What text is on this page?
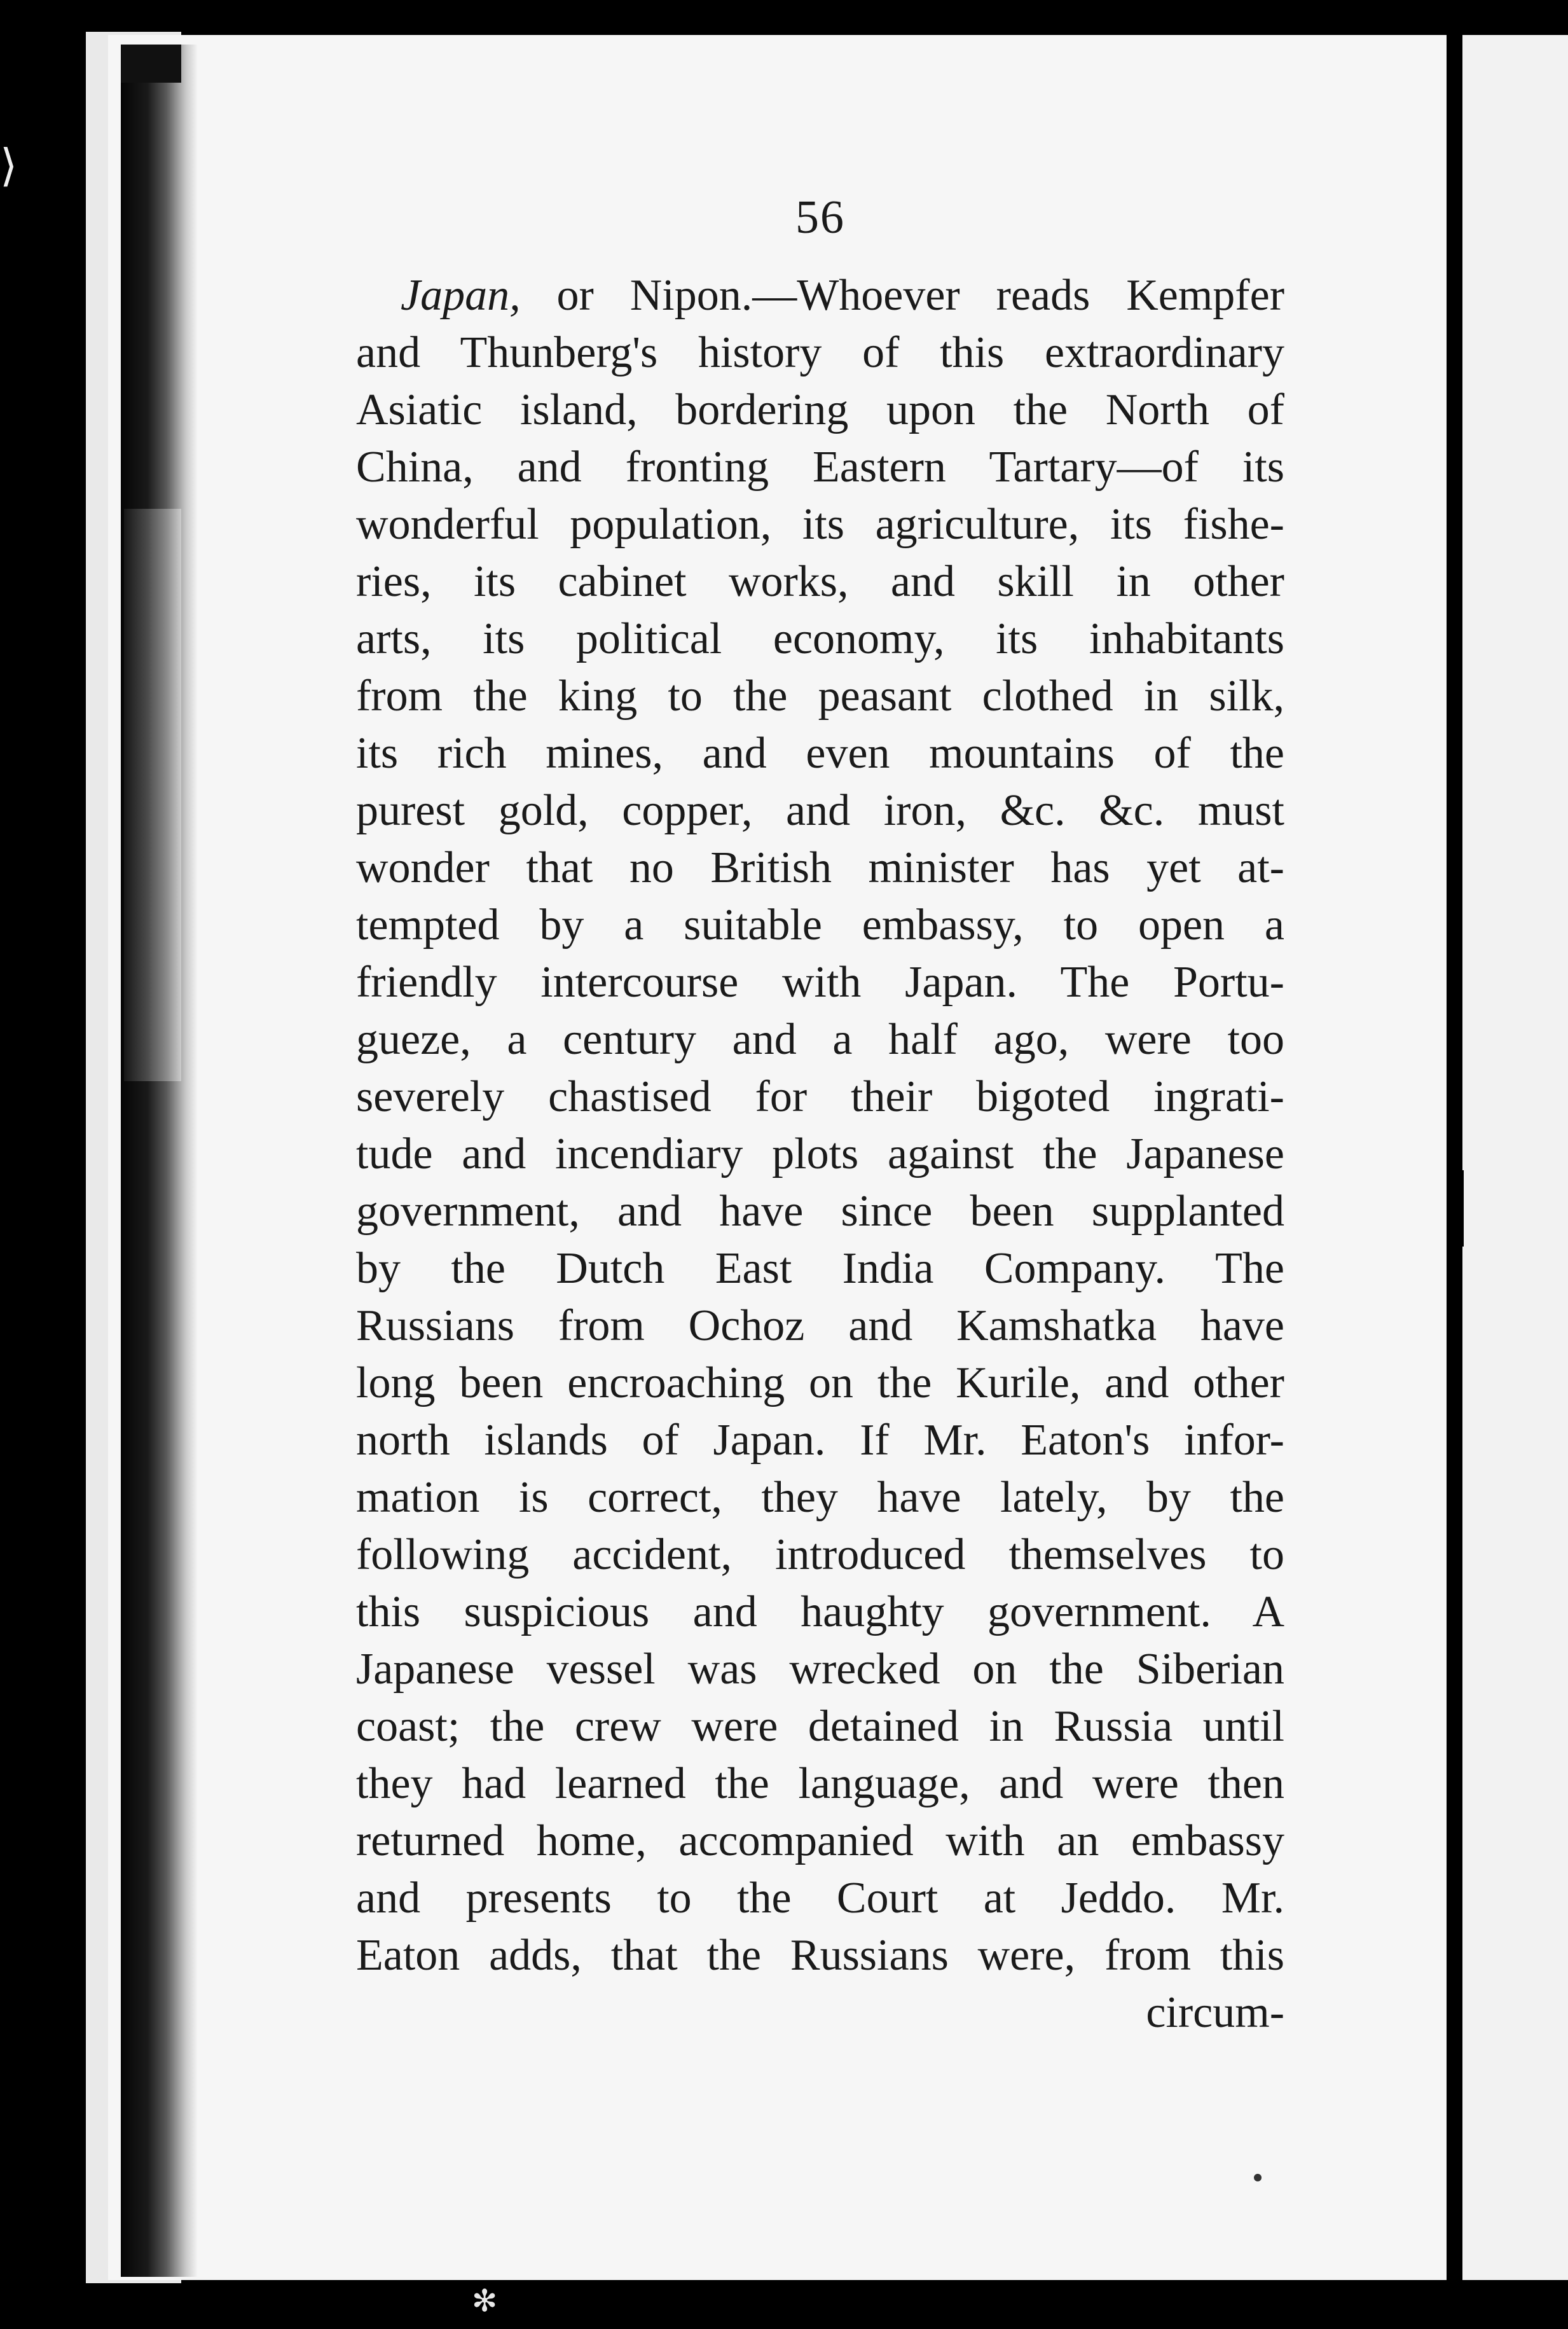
⟩
56
Japan, or Nipon.—Whoever reads Kempfer
and Thunberg's history of this extraordinary
Asiatic island, bordering upon the North of
China, and fronting Eastern Tartary—of its
wonderful population, its agriculture, its fishe-
ries, its cabinet works, and skill in other
arts, its political economy, its inhabitants
from the king to the peasant clothed in silk,
its rich mines, and even mountains of the
purest gold, copper, and iron, &c. &c. must
wonder that no British minister has yet at-
tempted by a suitable embassy, to open a
friendly intercourse with Japan. The Portu-
gueze, a century and a half ago, were too
severely chastised for their bigoted ingrati-
tude and incendiary plots against the Japanese
government, and have since been supplanted
by the Dutch East India Company. The
Russians from Ochoz and Kamshatka have
long been encroaching on the Kurile, and other
north islands of Japan. If Mr. Eaton's infor-
mation is correct, they have lately, by the
following accident, introduced themselves to
this suspicious and haughty government. A
Japanese vessel was wrecked on the Siberian
coast; the crew were detained in Russia until
they had learned the language, and were then
returned home, accompanied with an embassy
and presents to the Court at Jeddo. Mr.
Eaton adds, that the Russians were, from this
circum-
✻
